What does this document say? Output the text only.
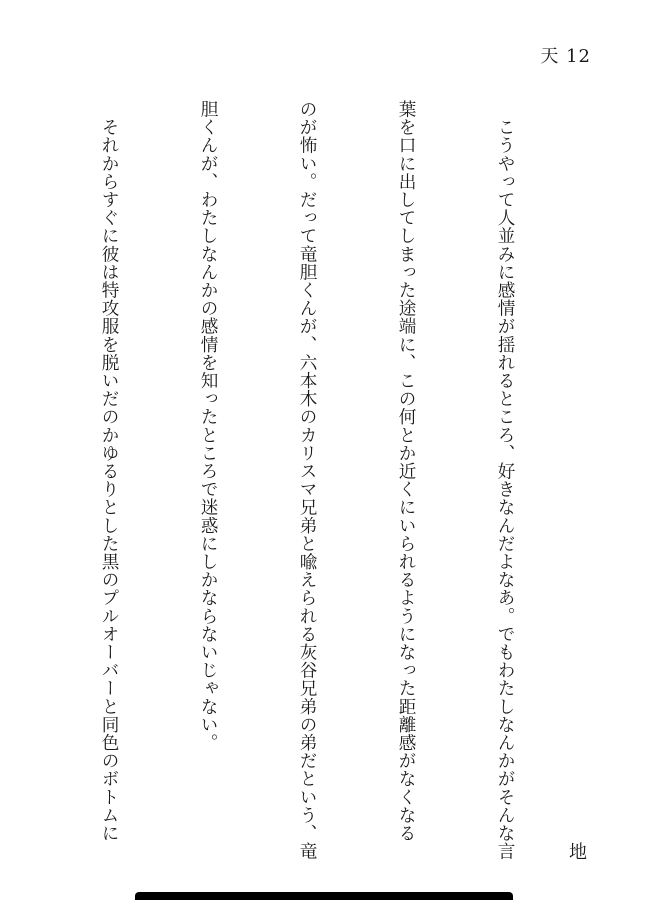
天 12

　こうやって人並みに感情が揺れるところ、好きなんだよなあ。でもわたしなんかがそんな言

葉を口に出してしまった途端に、この何とか近くにいられるようになった距離感がなくなる

のが怖い。だって竜胆くんが、六本木のカリスマ兄弟と喩えられる灰谷兄弟の弟だという、竜

胆くんが、わたしなんかの感情を知ったところで迷惑にしかならないじゃない。

　それからすぐに彼は特攻服を脱いだのかゆるりとした黒のプルオーバーと同色のボトムに

地
